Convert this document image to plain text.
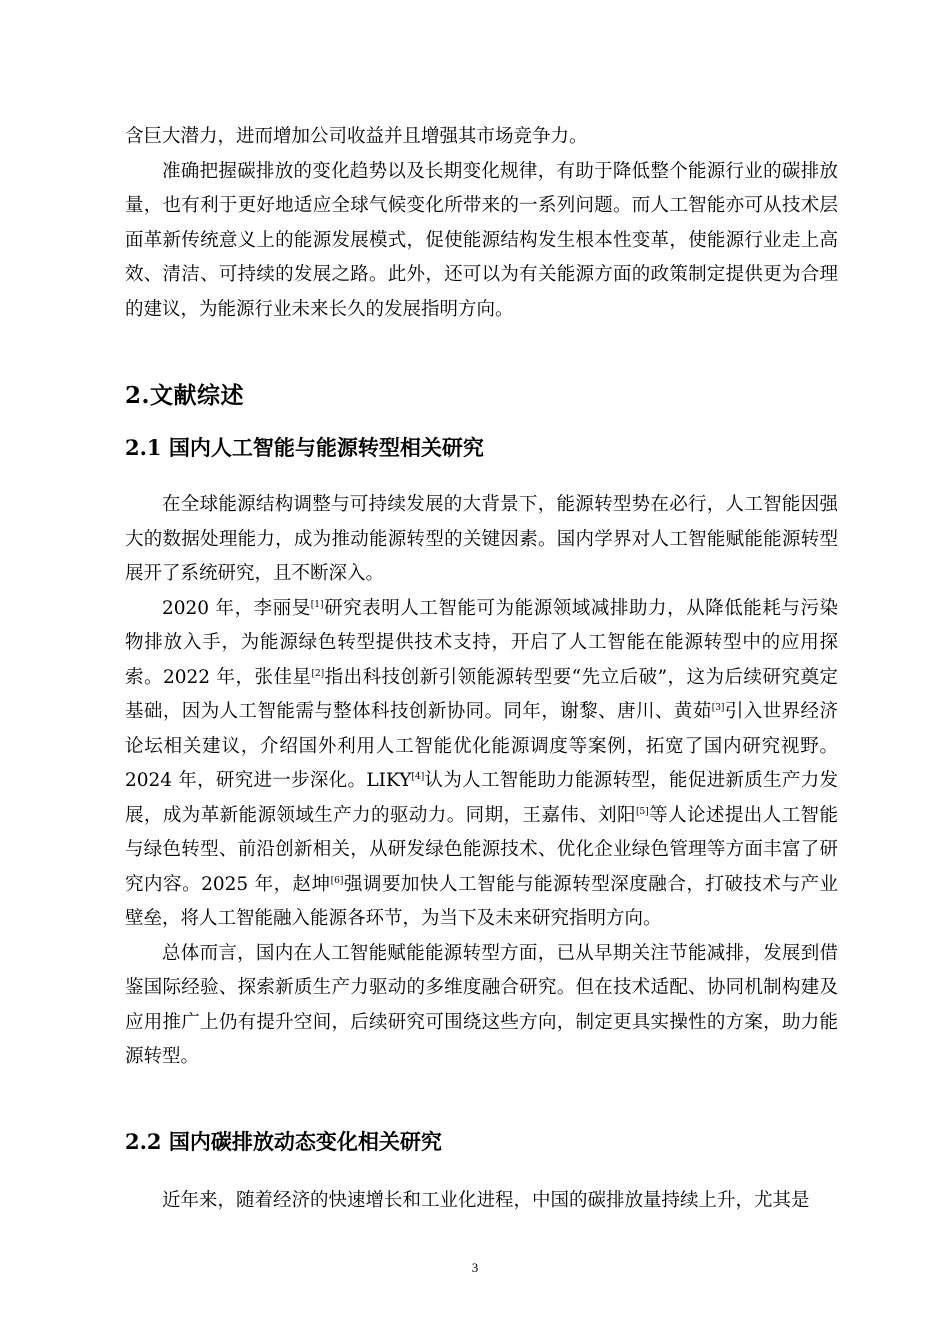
含巨大潜力，进而增加公司收益并且增强其市场竞争力。

准确把握碳排放的变化趋势以及长期变化规律，有助于降低整个能源行业的碳排放量，也有利于更好地适应全球气候变化所带来的一系列问题。而人工智能亦可从技术层面革新传统意义上的能源发展模式，促使能源结构发生根本性变革，使能源行业走上高效、清洁、可持续的发展之路。此外，还可以为有关能源方面的政策制定提供更为合理的建议，为能源行业未来长久的发展指明方向。

2.文献综述
2.1 国内人工智能与能源转型相关研究

在全球能源结构调整与可持续发展的大背景下，能源转型势在必行，人工智能因强大的数据处理能力，成为推动能源转型的关键因素。国内学界对人工智能赋能能源转型展开了系统研究，且不断深入。

2020 年，李丽旻[1]研究表明人工智能可为能源领域减排助力，从降低能耗与污染物排放入手，为能源绿色转型提供技术支持，开启了人工智能在能源转型中的应用探索。2022 年，张佳星[2]指出科技创新引领能源转型要“先立后破”，这为后续研究奠定基础，因为人工智能需与整体科技创新协同。同年，谢黎、唐川、黄茹[3]引入世界经济论坛相关建议，介绍国外利用人工智能优化能源调度等案例，拓宽了国内研究视野。2024 年，研究进一步深化。LIKY[4]认为人工智能助力能源转型，能促进新质生产力发展，成为革新能源领域生产力的驱动力。同期，王嘉伟、刘阳[5]等人论述提出人工智能与绿色转型、前沿创新相关，从研发绿色能源技术、优化企业绿色管理等方面丰富了研究内容。2025 年，赵坤[6]强调要加快人工智能与能源转型深度融合，打破技术与产业壁垒，将人工智能融入能源各环节，为当下及未来研究指明方向。

总体而言，国内在人工智能赋能能源转型方面，已从早期关注节能减排，发展到借鉴国际经验、探索新质生产力驱动的多维度融合研究。但在技术适配、协同机制构建及应用推广上仍有提升空间，后续研究可围绕这些方向，制定更具实操性的方案，助力能源转型。

2.2 国内碳排放动态变化相关研究

近年来，随着经济的快速增长和工业化进程，中国的碳排放量持续上升，尤其是

3
